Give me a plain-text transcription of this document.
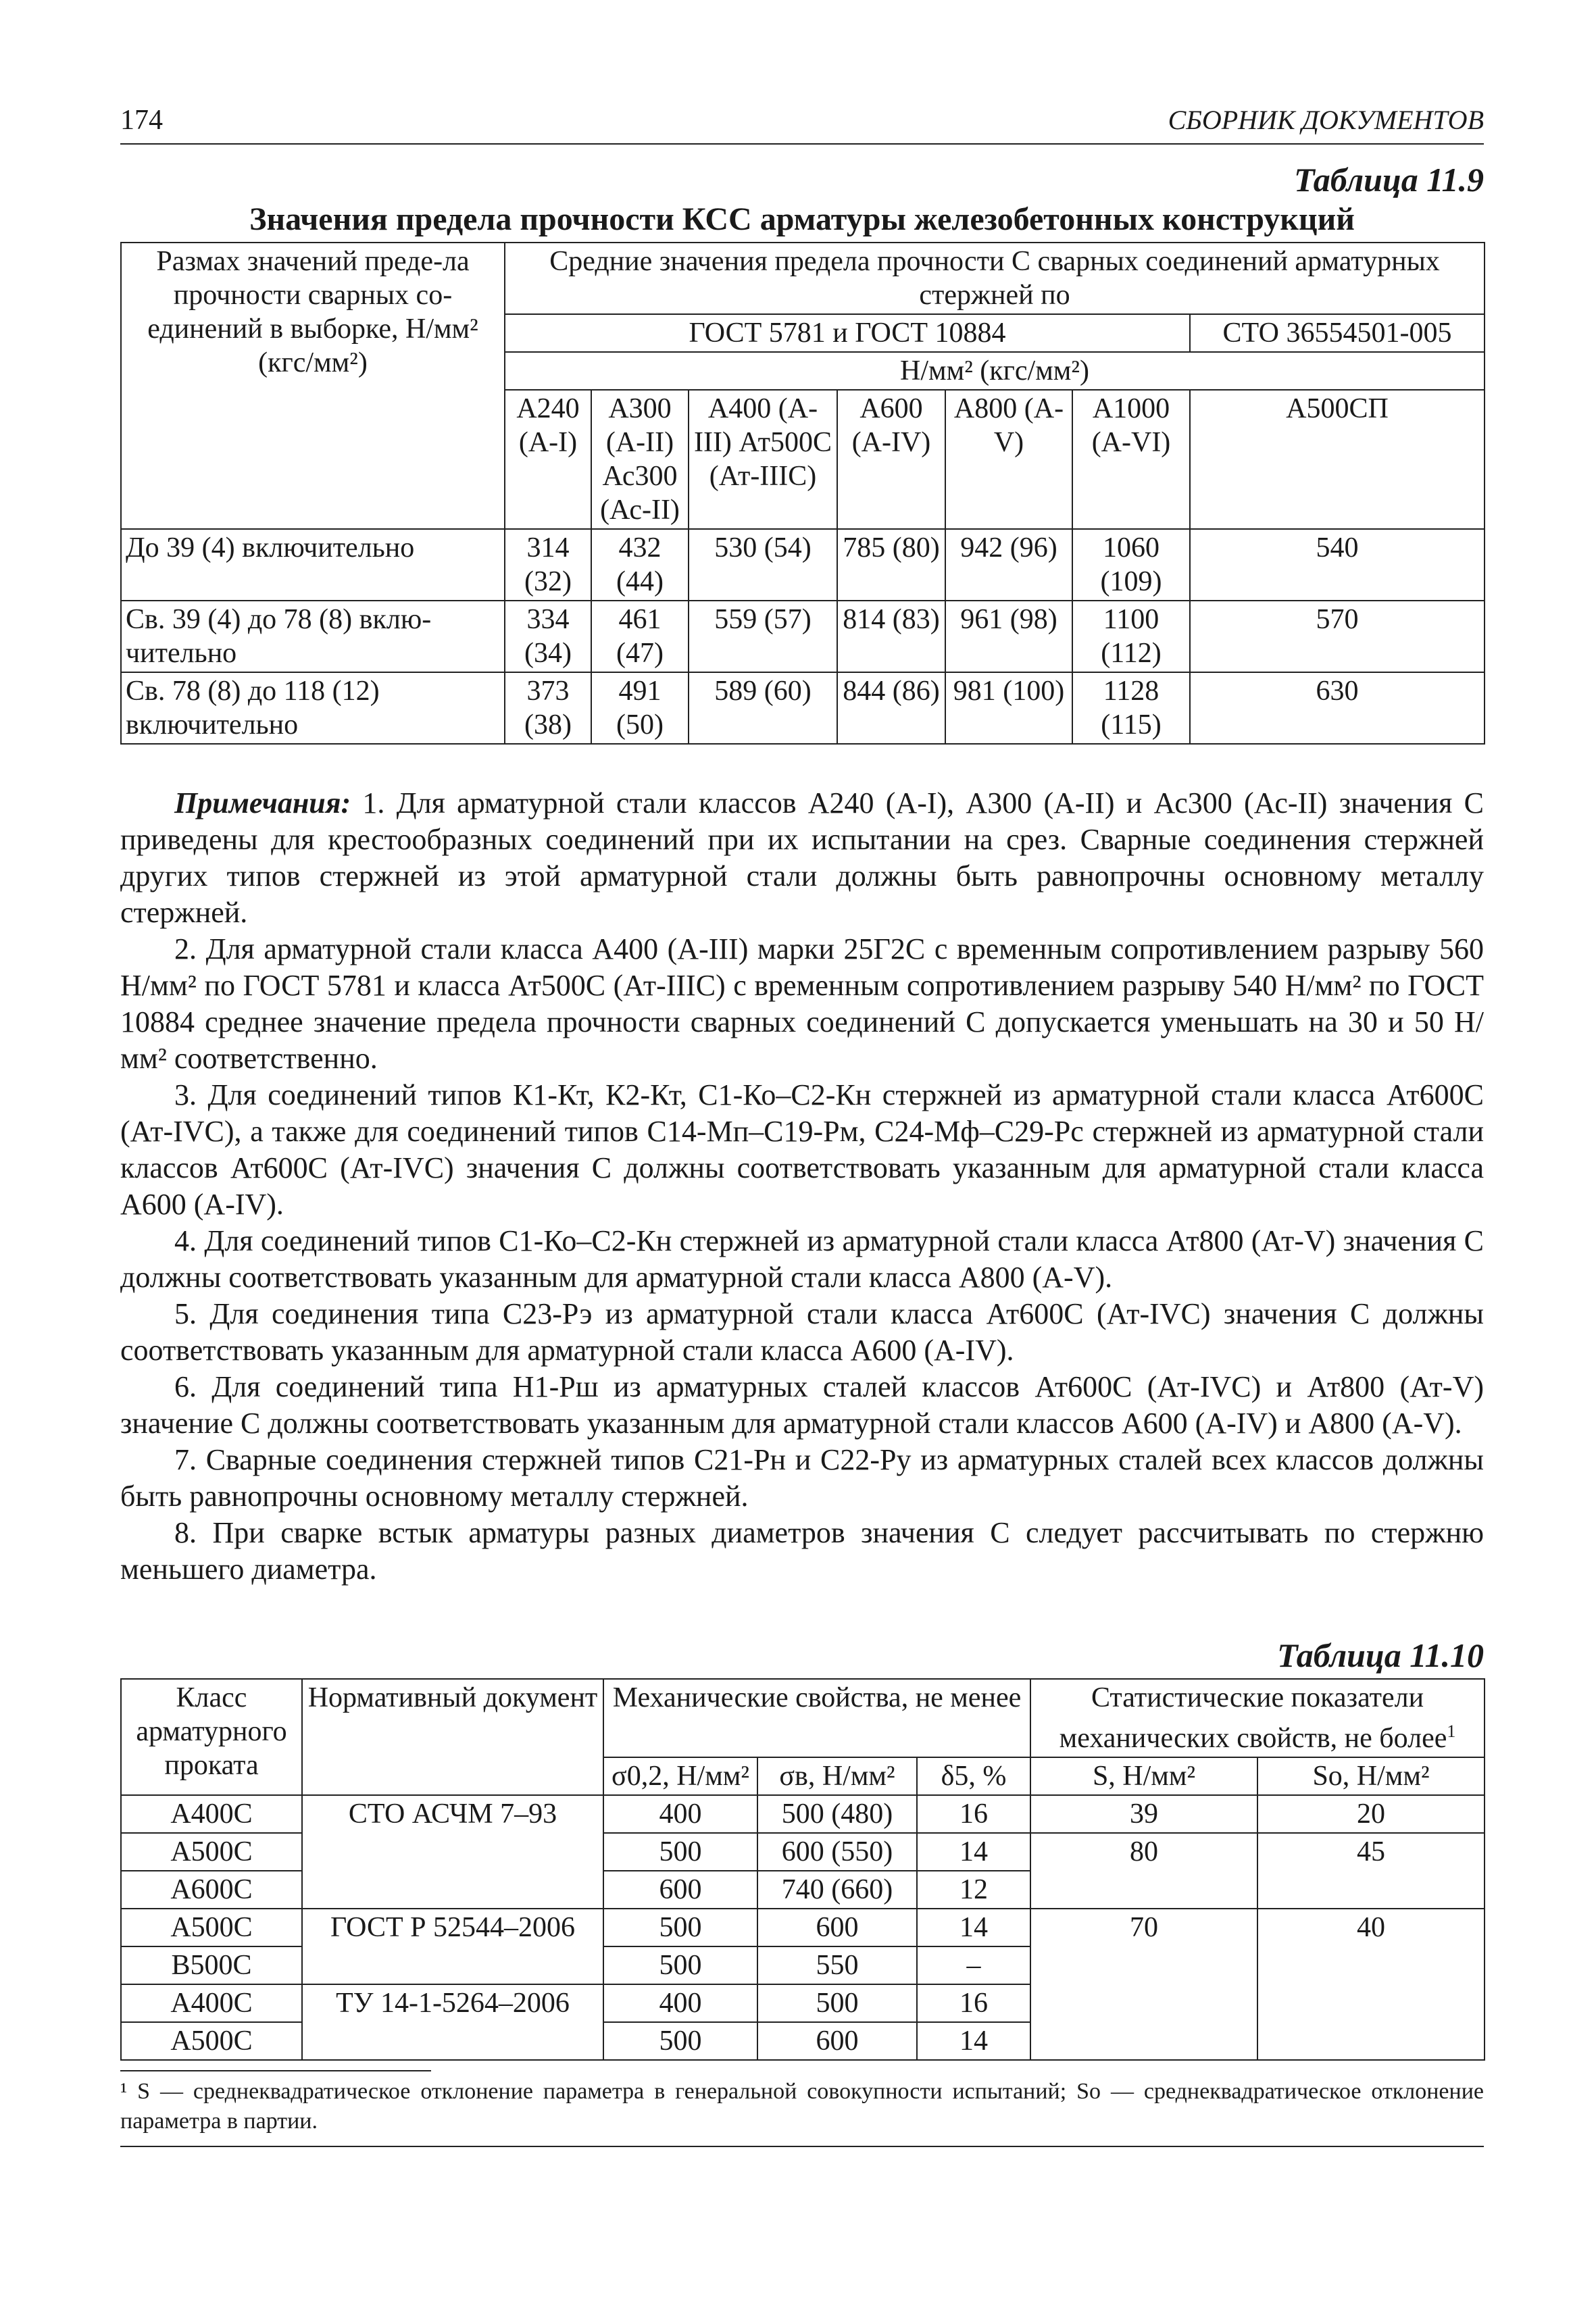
174	СБОРНИК ДОКУМЕНТОВ
Таблица 11.9
Значения предела прочности КСС арматуры железобетонных конструкций
Размах значений преде-ла прочности сварных со-единений в выборке, Н/мм² (кгс/мм²)	Средние значения предела прочности C сварных соединений арматурных стержней по						
	ГОСТ 5781 и ГОСТ 10884						СТО 36554501-005
	Н/мм² (кгс/мм²)						
	А240 (А-I)	А300 (А-II) Ас300 (Ас-II)	А400 (А-III) Ат500С (Ат-IIIС)	А600 (А-IV)	А800 (А-V)	А1000 (А-VI)	А500СП
До 39 (4) включительно	314 (32)	432 (44)	530 (54)	785 (80)	942 (96)	1060 (109)	540
Св. 39 (4) до 78 (8) вклю-чительно	334 (34)	461 (47)	559 (57)	814 (83)	961 (98)	1100 (112)	570
Св. 78 (8) до 118 (12) включительно	373 (38)	491 (50)	589 (60)	844 (86)	981 (100)	1128 (115)	630

Примечания: 1. Для арматурной стали классов А240 (А-I), А300 (А-II) и Ас300 (Ас-II) значения C приведены для крестообразных соединений при их испытании на срез. Сварные соединения стержней других типов стержней из этой арматурной стали должны быть равнопрочны основному металлу стержней.

2. Для арматурной стали класса А400 (А-III) марки 25Г2С с временным сопротивлением разрыву 560 Н/мм² по ГОСТ 5781 и класса Ат500С (Ат-IIIС) с временным сопротивлением разрыву 540 Н/мм² по ГОСТ 10884 среднее значение предела прочности сварных соединений C допускается уменьшать на 30 и 50 Н/мм² соответственно.

3. Для соединений типов К1-Кт, К2-Кт, С1-Ко–С2-Кн стержней из арматурной стали класса Ат600С (Ат-IVС), а также для соединений типов С14-Мп–С19-Рм, С24-Мф–С29-Рс стержней из арматурной стали классов Ат600С (Ат-IVС) значения C должны соответствовать указанным для арматурной стали класса А600 (А-IV).

4. Для соединений типов С1-Ко–С2-Кн стержней из арматурной стали класса Ат800 (Ат-V) значения C должны соответствовать указанным для арматурной стали класса А800 (А-V).

5. Для соединения типа С23-Рэ из арматурной стали класса Ат600С (Ат-IVС) значения C должны соответствовать указанным для арматурной стали класса А600 (А-IV).

6. Для соединений типа Н1-Рш из арматурных сталей классов Ат600С (Ат-IVС) и Ат800 (Ат-V) значение C должны соответствовать указанным для арматурной стали классов А600 (А-IV) и А800 (А-V).

7. Сварные соединения стержней типов С21-Рн и С22-Ру из арматурных сталей всех классов должны быть равнопрочны основному металлу стержней.

8. При сварке встык арматуры разных диаметров значения C следует рассчитывать по стержню меньшего диаметра.

Таблица 11.10
Класс арматурного проката	Нормативный документ	Механические свойства, не менее			Статистические показатели механических свойств, не более$^1$
		σ0,2, Н/мм²	σв, Н/мм²	δ5, %	S, Н/мм²	So, Н/мм²
А400С	СТО АСЧМ 7–93	400	500 (480)	16	39	20
А500С		500	600 (550)	14	80	45
А600С		600	740 (660)	12		
А500С	ГОСТ Р 52544–2006	500	600	14	70	40
В500С		500	550	–		
А400С	ТУ 14-1-5264–2006	400	500	16		
А500С		500	600	14		
¹ S — среднеквадратическое отклонение параметра в генеральной совокупности испытаний; So — среднеквадратическое отклонение параметра в партии.
